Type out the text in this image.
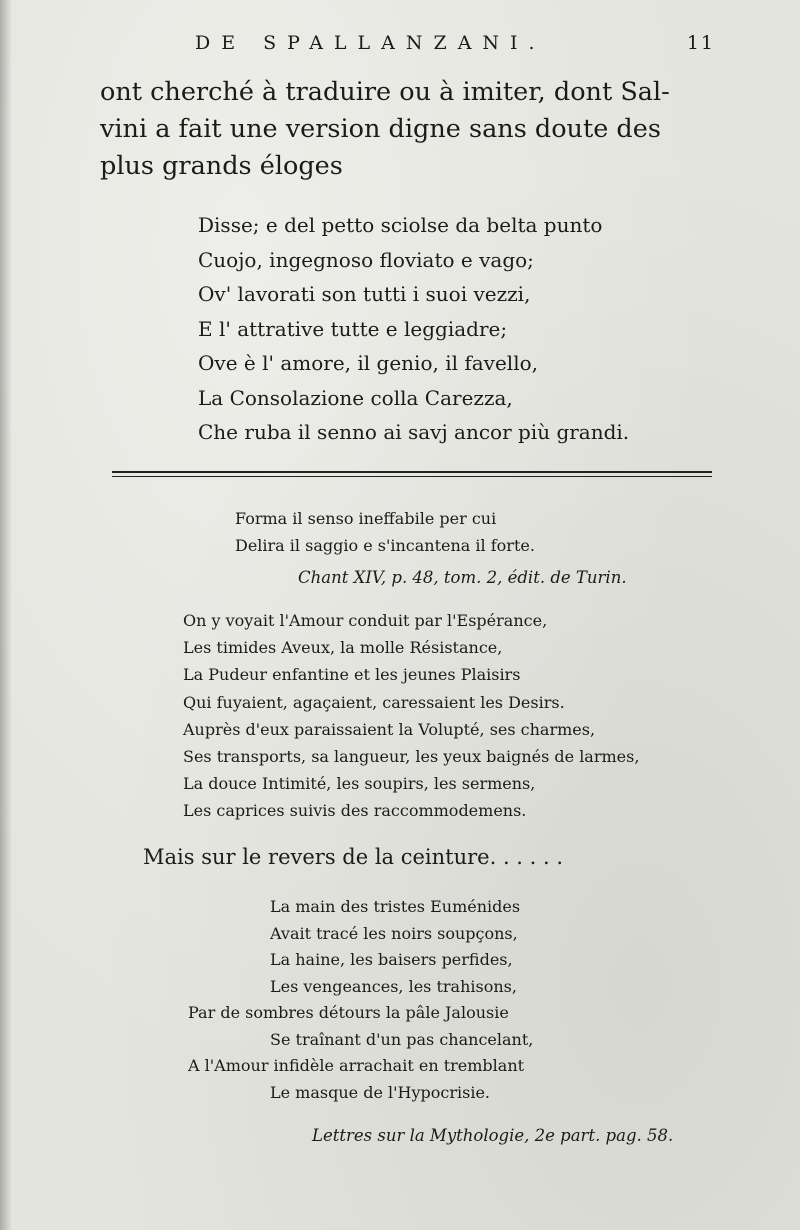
DE SPALLANZANI.	11
ont cherché à traduire ou à imiter, dont Sal-
vini a fait une version digne sans doute des
plus grands éloges
Disse; e del petto sciolse da belta punto
Cuojo, ingegnoso floviato e vago;
Ov' lavorati son tutti i suoi vezzi,
E l' attrative tutte e leggiadre;
Ove è l' amore, il genio, il favello,
La Consolazione colla Carezza,
Che ruba il senno ai savj ancor più grandi.
Forma il senso ineffabile per cui
Delira il saggio e s'incantena il forte.
Chant XIV, p. 48, tom. 2, édit. de Turin.
On y voyait l'Amour conduit par l'Espérance,
Les timides Aveux, la molle Résistance,
La Pudeur enfantine et les jeunes Plaisirs
Qui fuyaient, agaçaient, caressaient les Desirs.
Auprès d'eux paraissaient la Volupté, ses charmes,
Ses transports, sa langueur, les yeux baignés de larmes,
La douce Intimité, les soupirs, les sermens,
Les caprices suivis des raccommodemens.
Mais sur le revers de la ceinture. . . . . .
La main des tristes Euménides
Avait tracé les noirs soupçons,
La haine, les baisers perfides,
Les vengeances, les trahisons,
Par de sombres détours la pâle Jalousie
Se traînant d'un pas chancelant,
A l'Amour infidèle arrachait en tremblant
Le masque de l'Hypocrisie.
Lettres sur la Mythologie, 2e part. pag. 58.
